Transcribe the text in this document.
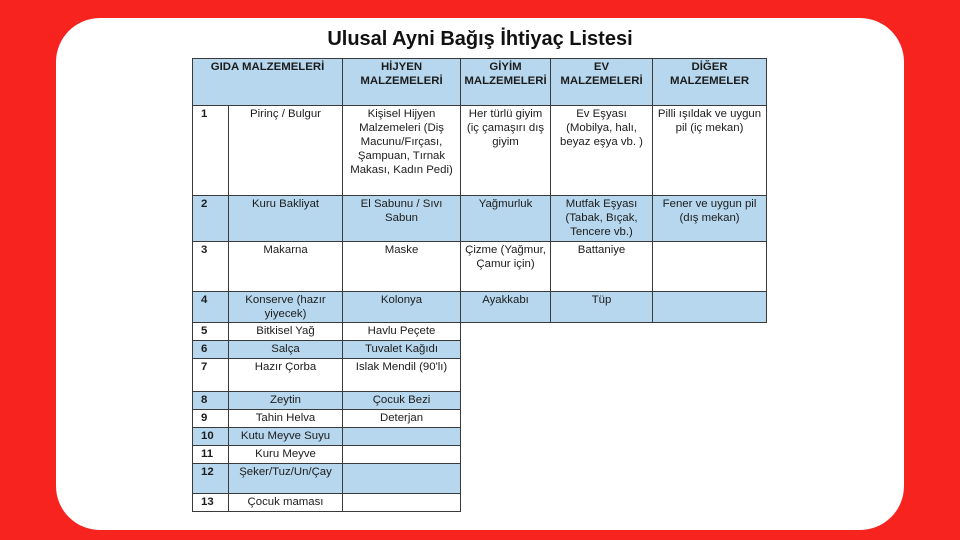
Ulusal Ayni Bağış İhtiyaç Listesi
GIDA MALZEMELERİ		HİJYEN MALZEMELERİ	GİYİM MALZEMELERİ	EV MALZEMELERİ	DİĞER MALZEMELER
1	Pirinç / Bulgur	Kişisel Hijyen Malzemeleri (Diş Macunu/Fırçası, Şampuan, Tırnak Makası, Kadın Pedi)	Her türlü giyim (iç çamaşırı dış giyim	Ev Eşyası (Mobilya, halı, beyaz eşya vb. )	Pilli ışıldak ve uygun pil (iç mekan)
2	Kuru Bakliyat	El Sabunu / Sıvı Sabun	Yağmurluk	Mutfak Eşyası (Tabak, Bıçak, Tencere vb.)	Fener ve uygun pil (dış mekan)
3	Makarna	Maske	Çizme (Yağmur, Çamur için)	Battaniye	
4	Konserve (hazır yiyecek)	Kolonya	Ayakkabı	Tüp	
5	Bitkisel Yağ	Havlu Peçete			
6	Salça	Tuvalet Kağıdı			
7	Hazır Çorba	Islak Mendil (90'lı)			
8	Zeytin	Çocuk Bezi			
9	Tahin Helva	Deterjan			
10	Kutu Meyve Suyu				
11	Kuru Meyve				
12	Şeker/Tuz/Un/Çay				
13	Çocuk maması				
